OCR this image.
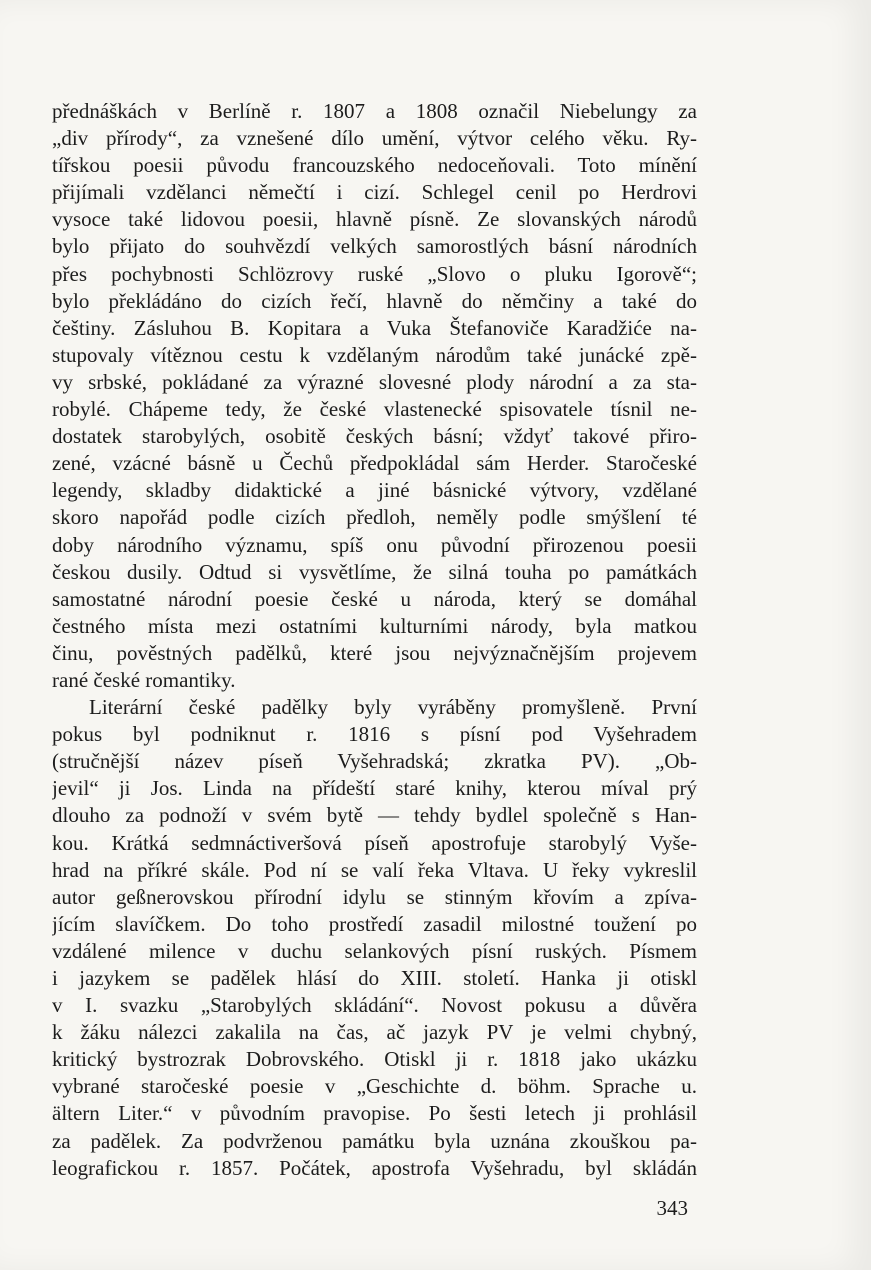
přednáškách v Berlíně r. 1807 a 1808 označil Niebelungy za
„div přírody“, za vznešené dílo umění, výtvor celého věku. Ry-
tířskou poesii původu francouzského nedoceňovali. Toto mínění
přijímali vzdělanci němečtí i cizí. Schlegel cenil po Herdrovi
vysoce také lidovou poesii, hlavně písně. Ze slovanských národů
bylo přijato do souhvězdí velkých samorostlých básní národních
přes pochybnosti Schlözrovy ruské „Slovo o pluku Igorově“;
bylo překládáno do cizích řečí, hlavně do němčiny a také do
češtiny. Zásluhou B. Kopitara a Vuka Štefanoviče Karadžiće na-
stupovaly vítěznou cestu k vzdělaným národům také junácké zpě-
vy srbské, pokládané za výrazné slovesné plody národní a za sta-
robylé. Chápeme tedy, že české vlastenecké spisovatele tísnil ne-
dostatek starobylých, osobitě českých básní; vždyť takové přiro-
zené, vzácné básně u Čechů předpokládal sám Herder. Staročeské
legendy, skladby didaktické a jiné básnické výtvory, vzdělané
skoro napořád podle cizích předloh, neměly podle smýšlení té
doby národního významu, spíš onu původní přirozenou poesii
českou dusily. Odtud si vysvětlíme, že silná touha po památkách
samostatné národní poesie české u národa, který se domáhal
čestného místa mezi ostatními kulturními národy, byla matkou
činu, pověstných padělků, které jsou nejvýznačnějším projevem
rané české romantiky.
Literární české padělky byly vyráběny promyšleně. První
pokus byl podniknut r. 1816 s písní pod Vyšehradem
(stručnější název píseň Vyšehradská; zkratka PV). „Ob-
jevil“ ji Jos. Linda na přídeští staré knihy, kterou míval prý
dlouho za podnoží v svém bytě — tehdy bydlel společně s Han-
kou. Krátká sedmnáctiveršová píseň apostrofuje starobylý Vyše-
hrad na příkré skále. Pod ní se valí řeka Vltava. U řeky vykreslil
autor geßnerovskou přírodní idylu se stinným křovím a zpíva-
jícím slavíčkem. Do toho prostředí zasadil milostné toužení po
vzdálené milence v duchu selankových písní ruských. Písmem
i jazykem se padělek hlásí do XIII. století. Hanka ji otiskl
v I. svazku „Starobylých skládání“. Novost pokusu a důvěra
k žáku nálezci zakalila na čas, ač jazyk PV je velmi chybný,
kritický bystrozrak Dobrovského. Otiskl ji r. 1818 jako ukázku
vybrané staročeské poesie v „Geschichte d. böhm. Sprache u.
ältern Liter.“ v původním pravopise. Po šesti letech ji prohlásil
za padělek. Za podvrženou památku byla uznána zkouškou pa-
leografickou r. 1857. Počátek, apostrofa Vyšehradu, byl skládán
343
